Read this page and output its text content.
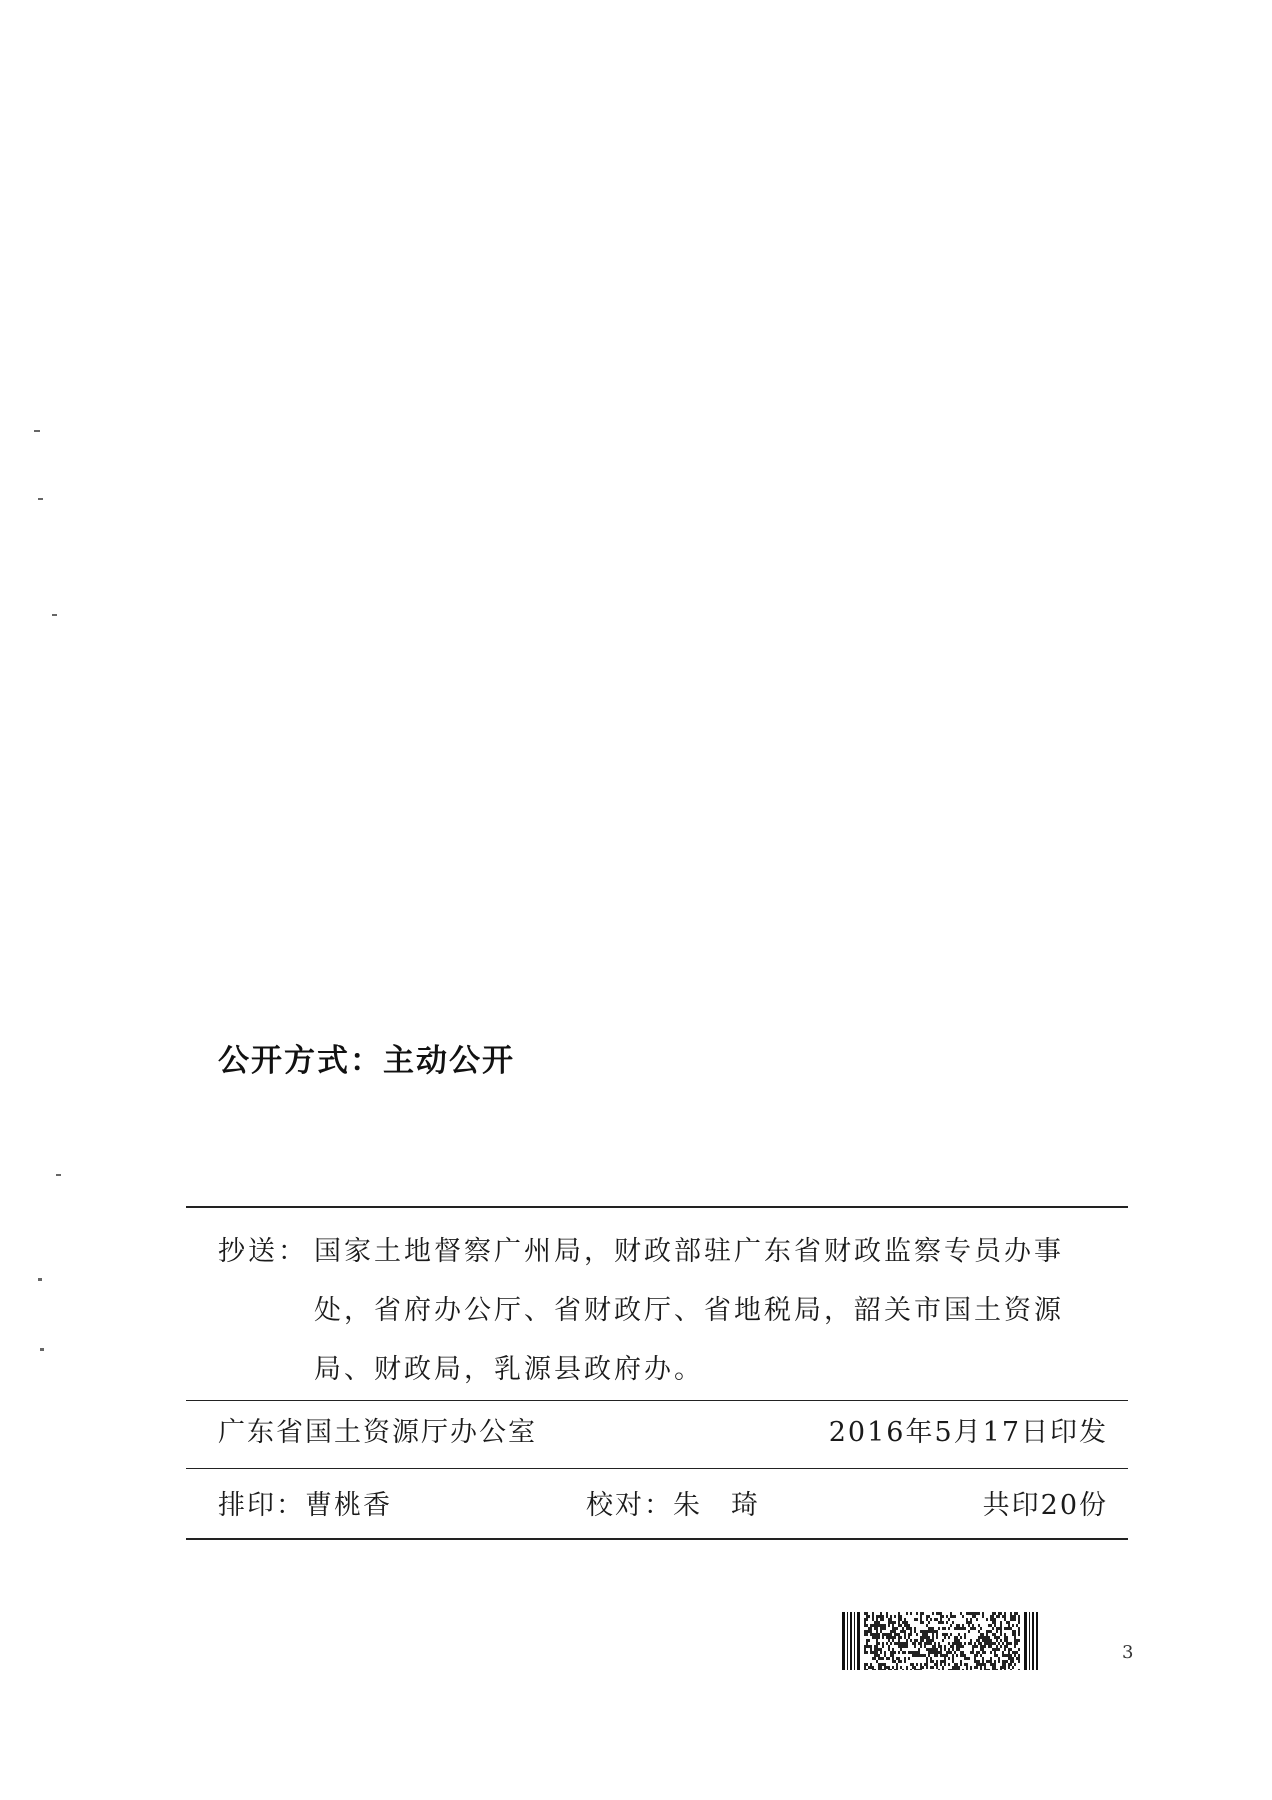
公开方式：主动公开
抄送： 国家土地督察广州局，财政部驻广东省财政监察专员办事
处，省府办公厅、省财政厅、省地税局，韶关市国土资源
局、财政局，乳源县政府办。
广东省国土资源厅办公室	2016年5月17日印发
排印：曹桃香	校对：朱　琦	共印20份
3
